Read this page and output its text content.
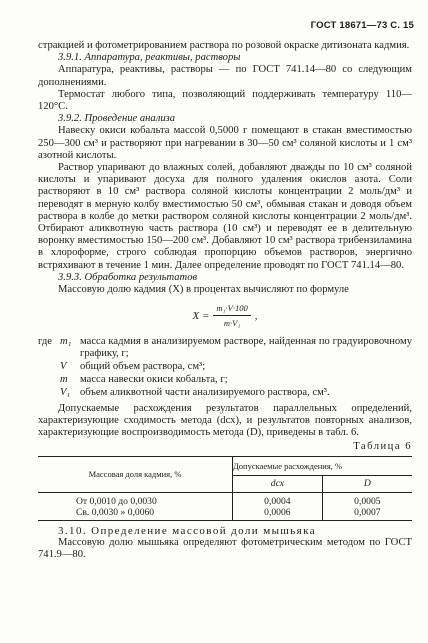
ГОСТ 18671—73 С. 15

стракцией и фотометрированием раствора по розовой окраске дитизоната кадмия.

3.9.1. Аппаратура, реактивы, растворы

Аппаратура, реактивы, растворы — по ГОСТ 741.14—80 со следующим дополнениями.

Термостат любого типа, позволяющий поддерживать температуру 110—120°С.

3.9.2. Проведение анализа

Навеску окиси кобальта массой 0,5000 г помещают в стакан вместимостью 250—300 см³ и растворяют при нагревании в 30—50 см³ соляной кислоты и 1 см³ азотной кислоты.

Раствор упаривают до влажных солей, добавляют дважды по 10 см³ соляной кислоты и упаривают досуха для полного удаления окислов азота. Соли растворяют в 10 см³ раствора соляной кислоты концентрации 2 моль/дм³ и переводят в мерную колбу вместимостью 50 см³, обмывая стакан и доводя объем раствора в колбе до метки раствором соляной кислоты концентрации 2 моль/дм³. Отбирают аликвотную часть раствора (10 см³) и переводят ее в делительную воронку вместимостью 150—200 см³. Добавляют 10 см³ раствора трибензиламина в хлороформе, строго соблюдая пропорцию объемов растворов, энергично встряхивают в течение 1 мин. Далее определение проводят по ГОСТ 741.14—80.

3.9.3. Обработка результатов

Массовую долю кадмия (X) в процентах вычисляют по формуле

$X = \frac{\text{m₁·V·100}}{\text{m·V₁}}$ ,
где m₁ масса кадмия в анализируемом растворе, найденная по градуировочному графику, г;
V	общий объем раствора, см³;
m	масса навески окиси кобальта, г;
V₁ объем аликвотной части анализируемого раствора, см³.

Допускаемые расхождения результатов параллельных определений, характеризующие сходимость метода (dсх), и результатов повторных анализов, характеризующие воспроизводимость метода (D), приведены в табл. 6.

Таблица 6
Массовая доля кадмия, %	Допускаемые расхождения, %	
	dсх	D
От 0,0010 до 0,0030	0,0004	0,0005
Св. 0,0030 » 0,0060	0,0006	0,0007

3.10. Определение массовой доли мышьяка

Массовую долю мышьяка определяют фотометрическим методом по ГОСТ 741.9—80.
